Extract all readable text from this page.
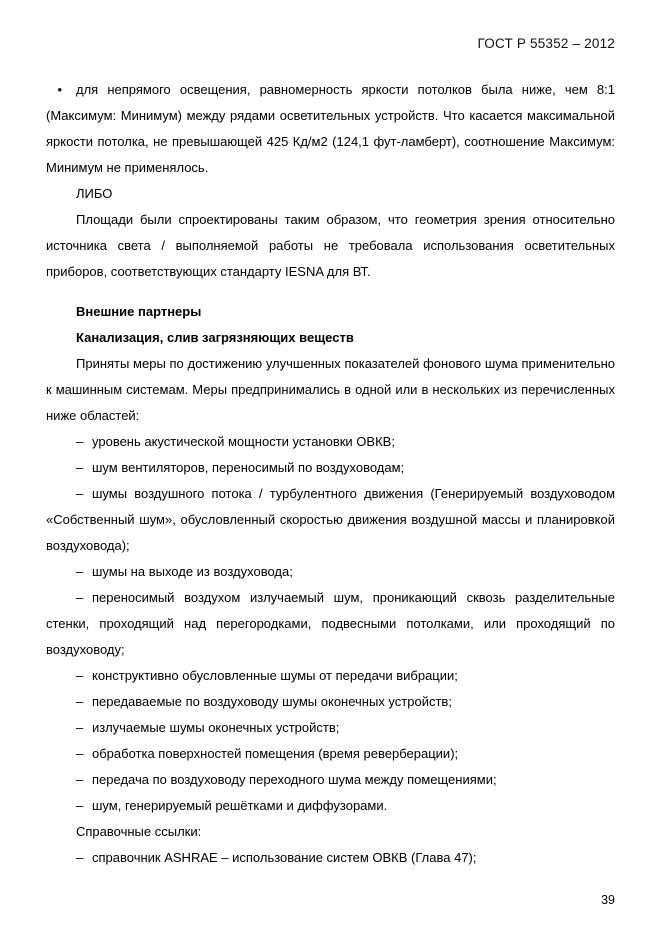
ГОСТ Р 55352 – 2012

• для непрямого освещения, равномерность яркости потолков была ниже, чем 8:1 (Максимум: Минимум) между рядами осветительных устройств. Что касается максимальной яркости потолка, не превышающей 425 Кд/м2 (124,1 фут-ламберт), соотношение Максимум: Минимум не применялось.

ЛИБО

Площади были спроектированы таким образом, что геометрия зрения относительно источника света / выполняемой работы не требовала использования осветительных приборов, соответствующих стандарту IESNA для ВТ.

Внешние партнеры

Канализация, слив загрязняющих веществ

Приняты меры по достижению улучшенных показателей фонового шума применительно к машинным системам. Меры предпринимались в одной или в нескольких из перечисленных ниже областей:

– уровень акустической мощности установки ОВКВ;
– шум вентиляторов, переносимый по воздуховодам;
– шумы воздушного потока / турбулентного движения (Генерируемый воздуховодом «Собственный шум», обусловленный скоростью движения воздушной массы и планировкой воздуховода);
– шумы на выходе из воздуховода;
– переносимый воздухом излучаемый шум, проникающий сквозь разделительные стенки, проходящий над перегородками, подвесными потолками, или проходящий по воздуховоду;
– конструктивно обусловленные шумы от передачи вибрации;
– передаваемые по воздуховоду шумы оконечных устройств;
– излучаемые шумы оконечных устройств;
– обработка поверхностей помещения (время реверберации);
– передача по воздуховоду переходного шума между помещениями;
– шум, генерируемый решётками и диффузорами.

Справочные ссылки:

– справочник ASHRAE – использование систем ОВКВ (Глава 47);
39
